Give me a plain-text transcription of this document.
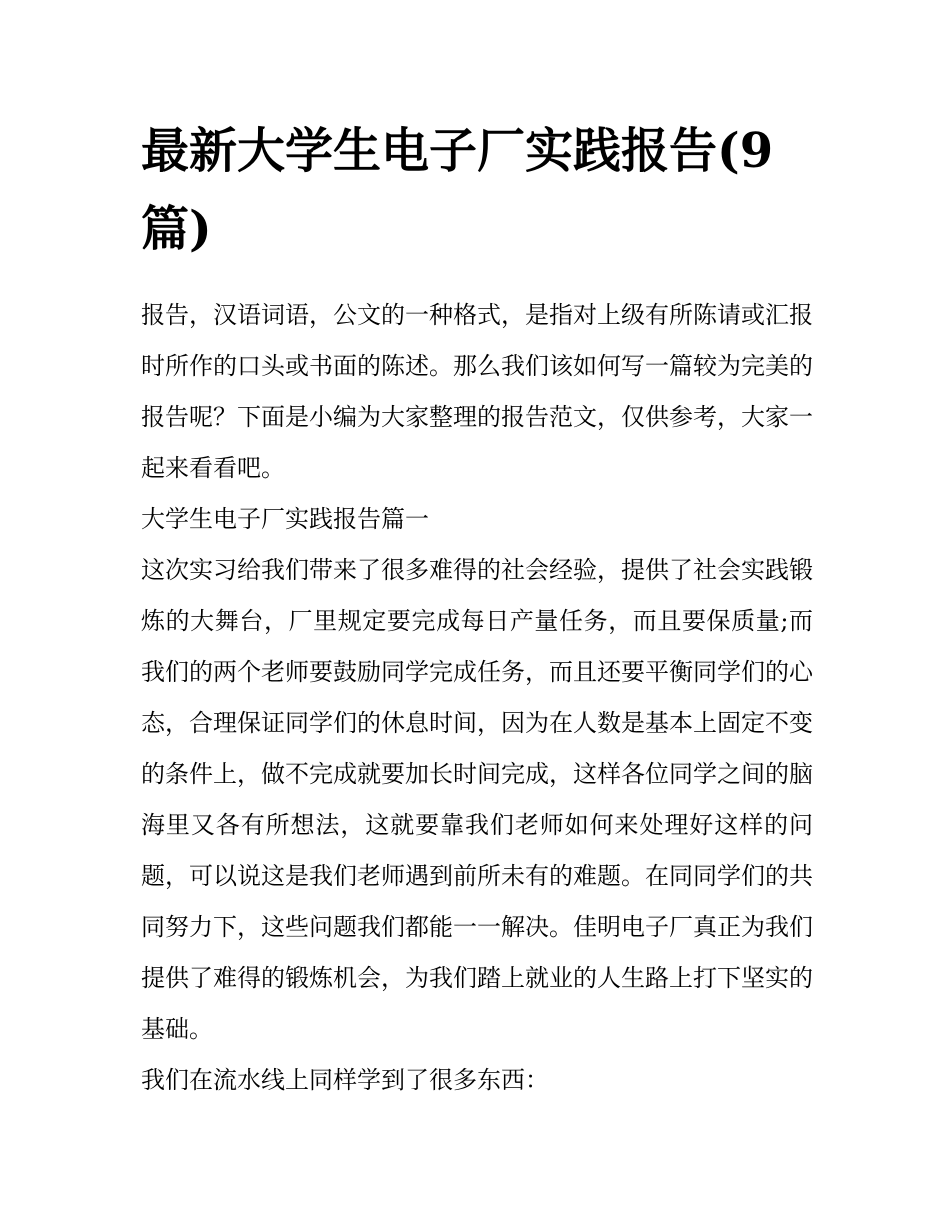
最新大学生电子厂实践报告(9篇)

报告，汉语词语，公文的一种格式，是指对上级有所陈请或汇报时所作的口头或书面的陈述。那么我们该如何写一篇较为完美的报告呢？下面是小编为大家整理的报告范文，仅供参考，大家一起来看看吧。

大学生电子厂实践报告篇一

这次实习给我们带来了很多难得的社会经验，提供了社会实践锻炼的大舞台，厂里规定要完成每日产量任务，而且要保质量;而我们的两个老师要鼓励同学完成任务，而且还要平衡同学们的心态，合理保证同学们的休息时间，因为在人数是基本上固定不变的条件上，做不完成就要加长时间完成，这样各位同学之间的脑海里又各有所想法，这就要靠我们老师如何来处理好这样的问题，可以说这是我们老师遇到前所未有的难题。在同同学们的共同努力下，这些问题我们都能一一解决。佳明电子厂真正为我们提供了难得的锻炼机会，为我们踏上就业的人生路上打下坚实的基础。

我们在流水线上同样学到了很多东西：
